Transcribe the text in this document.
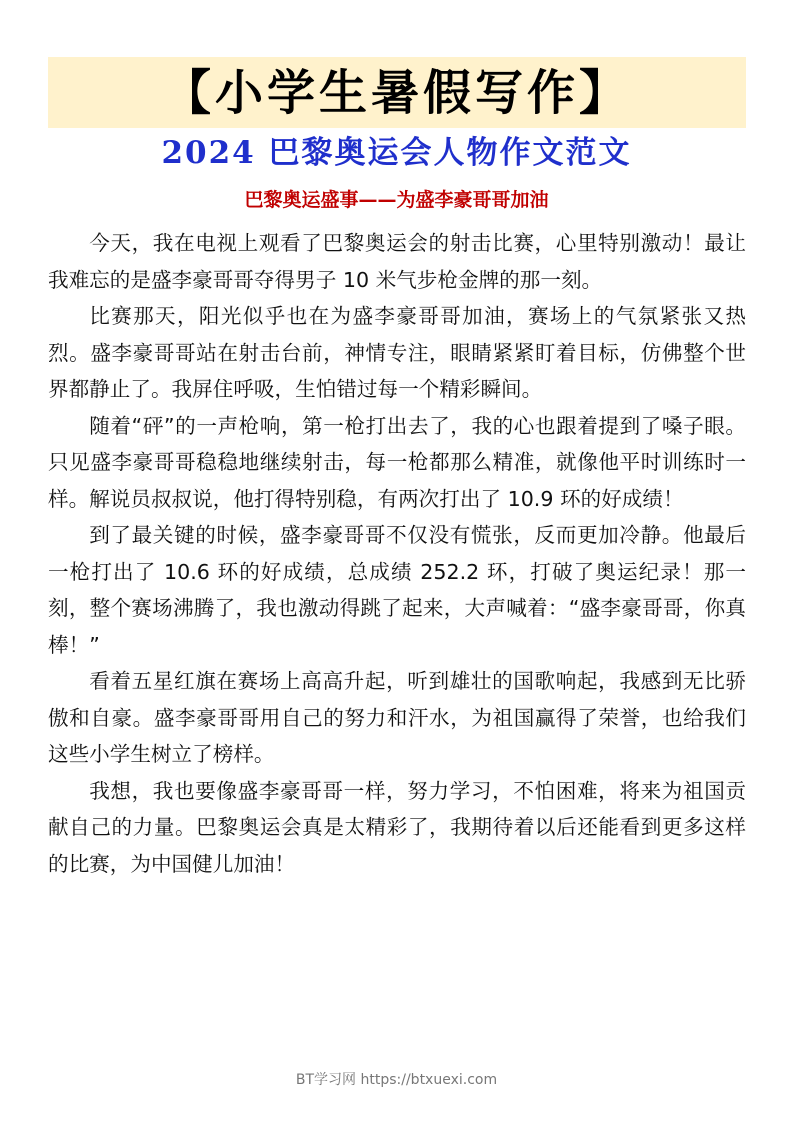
【小学生暑假写作】
2024 巴黎奥运会人物作文范文
巴黎奥运盛事——为盛李豪哥哥加油

今天，我在电视上观看了巴黎奥运会的射击比赛，心里特别激动！最让我难忘的是盛李豪哥哥夺得男子 10 米气步枪金牌的那一刻。

比赛那天，阳光似乎也在为盛李豪哥哥加油，赛场上的气氛紧张又热烈。盛李豪哥哥站在射击台前，神情专注，眼睛紧紧盯着目标，仿佛整个世界都静止了。我屏住呼吸，生怕错过每一个精彩瞬间。

随着“砰”的一声枪响，第一枪打出去了，我的心也跟着提到了嗓子眼。只见盛李豪哥哥稳稳地继续射击，每一枪都那么精准，就像他平时训练时一样。解说员叔叔说，他打得特别稳，有两次打出了 10.9 环的好成绩！

到了最关键的时候，盛李豪哥哥不仅没有慌张，反而更加冷静。他最后一枪打出了 10.6 环的好成绩，总成绩 252.2 环，打破了奥运纪录！那一刻，整个赛场沸腾了，我也激动得跳了起来，大声喊着：“盛李豪哥哥，你真棒！”

看着五星红旗在赛场上高高升起，听到雄壮的国歌响起，我感到无比骄傲和自豪。盛李豪哥哥用自己的努力和汗水，为祖国赢得了荣誉，也给我们这些小学生树立了榜样。

我想，我也要像盛李豪哥哥一样，努力学习，不怕困难，将来为祖国贡献自己的力量。巴黎奥运会真是太精彩了，我期待着以后还能看到更多这样的比赛，为中国健儿加油！

BT学习网 https://btxuexi.com
